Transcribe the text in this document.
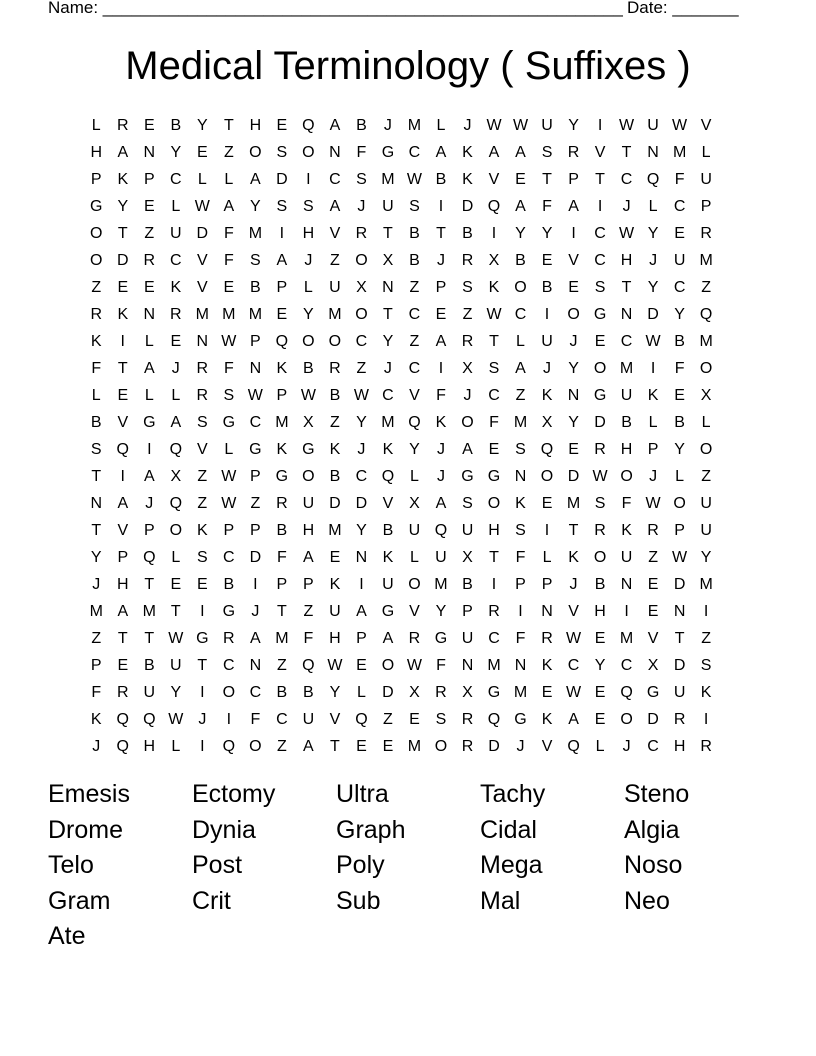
Name: _______________________________________________________ Date: _______
Medical Terminology ( Suffixes )
L	R E B Y	T H E Q A B	J M L	J W W U Y	I	W U W V
H A N Y E	Z O S O N F G C A K A A S R V	T N M L
P K P C	L	L	A D	I	C S M W B K V E	T	P	T C Q F U
G Y E	L W A Y S S A	J	U S	I	D Q A	F	A	I	J	L	C P
O T	Z U D F M	I	H V R T	B	T	B	I	Y Y	I	C W Y E R
O D R C V	F	S A	J	Z O X B	J	R X B E V C H	J	U M
Z	E E K V E B P	L	U X N Z	P S K O B E S	T	Y C Z
R K N R M M M E Y M O T C E	Z W C	I	O G N D Y Q
K	I	L	E N W P Q O O C Y	Z	A R T	L	U	J	E C W B M
F	T	A	J	R F N K B R Z	J	C	I	X S A	J	Y O M	I	F O
L	E	L	L	R S W P W B W C V	F	J	C Z	K N G U K E X
B V G A S G C M X	Z	Y M Q K O F M X Y D B	L	B	L
S Q	I	Q V	L G K G K	J	K Y	J	A E S Q E R H P Y O
T	I	A X	Z W P G O B C Q L	J	G G N O D W O	J	L	Z
N A	J	Q Z W Z R U D D V X A S O K E M S	F W O U
T	V P O K P P B H M Y B U Q U H S	I	T R K R P U
Y P Q L	S C D F	A E N K	L	U X	T	F	L	K O U Z W Y
J	H T	E E B	I	P P K	I	U O M B	I	P P	J	B N E D M
M A M T	I	G	J	T	Z U A G V Y P R	I	N V H	I	E N	I
Z	T	T W G R A M F H P A R G U C F R W E M V	T	Z
P E B U T C N Z Q W E O W F N M N K C Y C X D S
F R U Y	I	O C B B Y	L	D X R X G M E W E Q G U K
K Q Q W J	I	F C U V Q Z	E S R Q G K A E O D R	I
J	Q H	L	I	Q O Z	A	T	E E M O R D	J	V Q L	J	C H R
Emesis	Ectomy	Ultra	Tachy	Steno
Drome	Dynia	Graph	Cidal	Algia
Telo	Post	Poly	Mega	Noso
Gram	Crit	Sub	Mal	Neo
Ate
